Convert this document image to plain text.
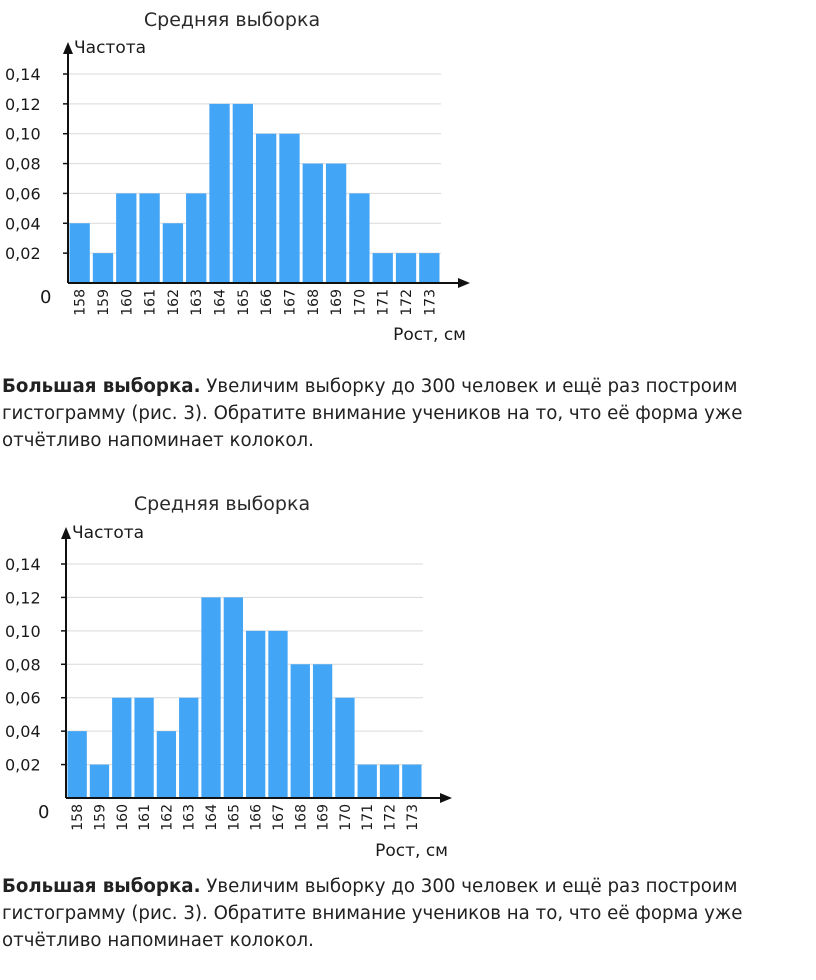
Средняя выборка
0,02
0,04
0,06
0,08
0,10
0,12
0,14
Частота
0 158 159 160 161 162 163 164 165 166 167 168 169 170 171 172 173
Рост, см

Большая выборка. Увеличим выборку до 300 человек и ещё раз построим гистограмму (рис. 3). Обратите внимание учеников на то, что её форма уже отчётливо напоминает колокол.

Средняя выборка
0,02
0,04
0,06
0,08
0,10
0,12
0,14
Частота
0 158 159 160 161 162 163 164 165 166 167 168 169 170 171 172 173
Рост, см

Большая выборка. Увеличим выборку до 300 человек и ещё раз построим гистограмму (рис. 3). Обратите внимание учеников на то, что её форма уже отчётливо напоминает колокол.
